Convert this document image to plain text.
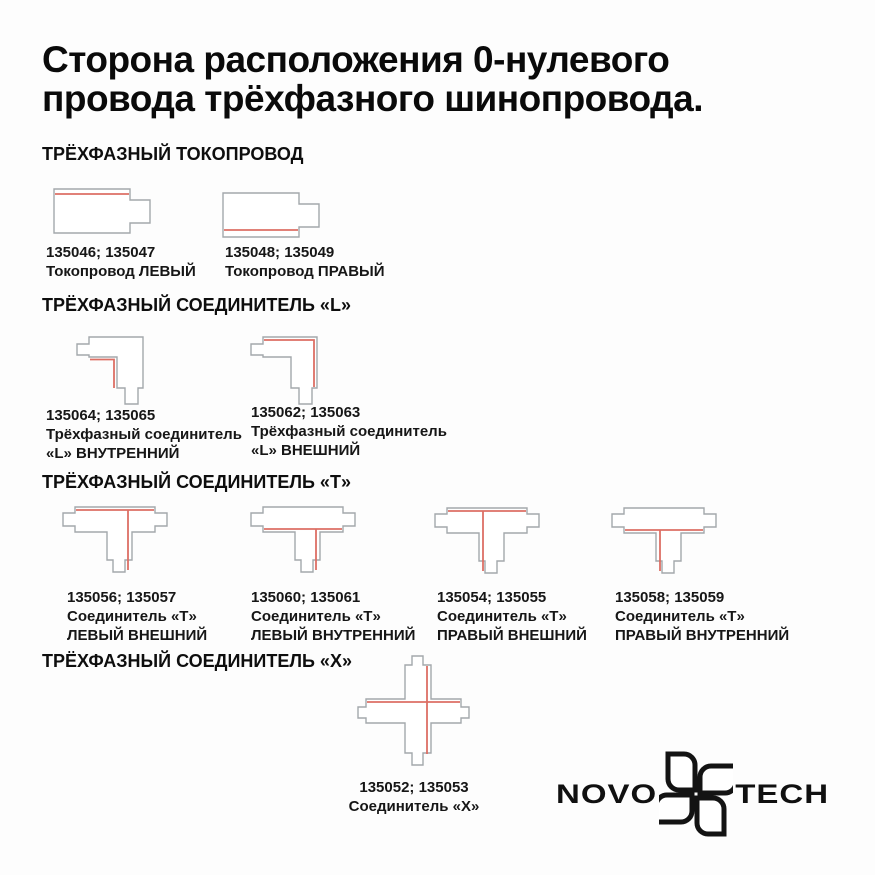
Сторона расположения 0-нулевого
провода трёхфазного шинопровода.
ТРЁХФАЗНЫЙ ТОКОПРОВОД
135046; 135047
Токопровод ЛЕВЫЙ
135048; 135049
Токопровод ПРАВЫЙ
ТРЁХФАЗНЫЙ СОЕДИНИТЕЛЬ «L»
135064; 135065
Трёхфазный соединитель
«L» ВНУТРЕННИЙ
135062; 135063
Трёхфазный соединитель
«L» ВНЕШНИЙ
ТРЁХФАЗНЫЙ СОЕДИНИТЕЛЬ «Т»
135056; 135057
Соединитель «Т»
ЛЕВЫЙ ВНЕШНИЙ
135060; 135061
Соединитель «Т»
ЛЕВЫЙ ВНУТРЕННИЙ
135054; 135055
Соединитель «Т»
ПРАВЫЙ ВНЕШНИЙ
135058; 135059
Соединитель «Т»
ПРАВЫЙ ВНУТРЕННИЙ
ТРЁХФАЗНЫЙ СОЕДИНИТЕЛЬ «Х»
135052; 135053
Соединитель «Х» NOVO TECH
